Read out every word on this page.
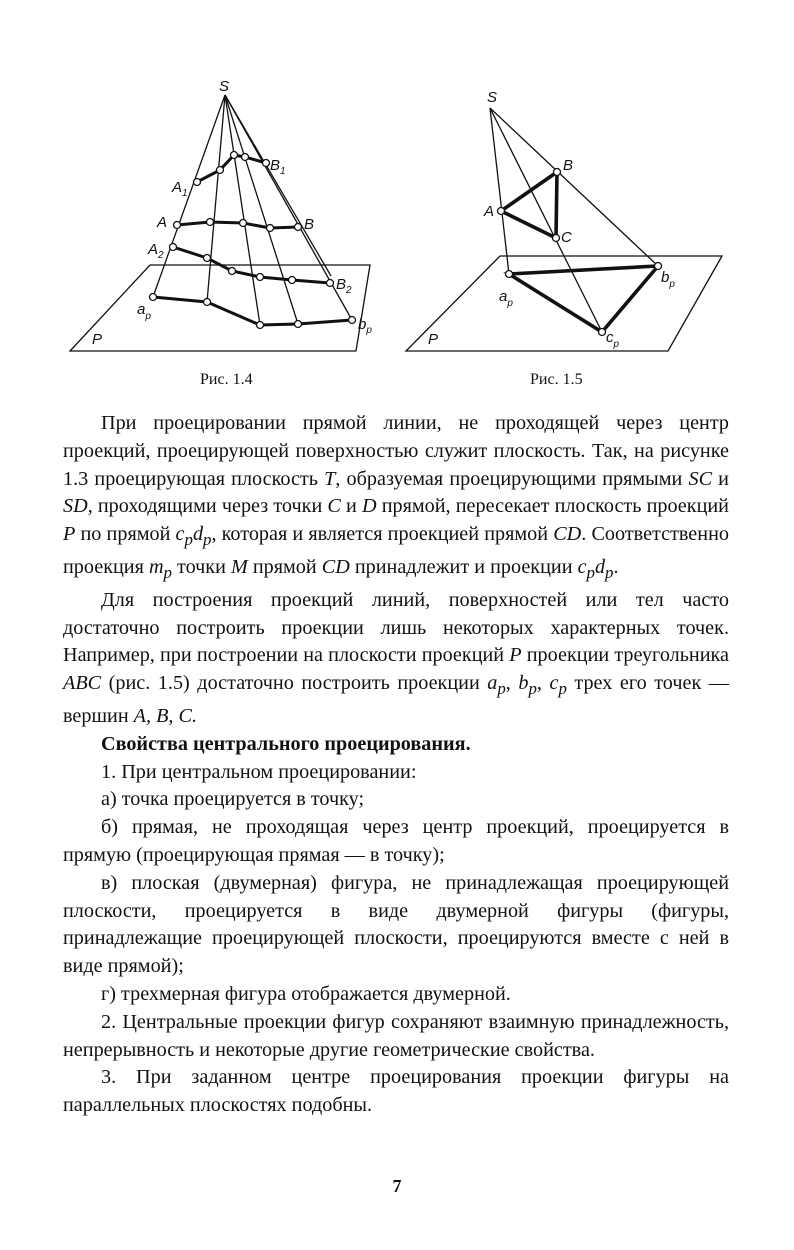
S
$B_1$
$A_1$
A	B
$A_2$
$B_2$
$a_p$	$b_p$
P
S
B
A
C
$a_p$
$b_p$
$c_p$
P
Рис. 1.4	Рис. 1.5

При проецировании прямой линии, не проходящей через центр проекций, проецирующей поверхностью служит плоскость. Так, на рисунке 1.3 проецирующая плоскость T, образуемая проецирующими прямыми SC и SD, проходящими через точки C и D прямой, пересекает плоскость проекций P по прямой $c_pd_p$, которая и является проекцией прямой CD. Соответственно проекция $m_p$ точки M прямой CD принадлежит и проекции $c_pd_p$.

Для построения проекций линий, поверхностей или тел часто достаточно построить проекции лишь некоторых характерных точек. Например, при построении на плоскости проекций P проекции треугольника ABC (рис. 1.5) достаточно построить проекции $a_p$, $b_p$, $c_p$ трех его точек — вершин A, B, C.

Свойства центрального проецирования.

1. При центральном проецировании:

а) точка проецируется в точку;

б) прямая, не проходящая через центр проекций, проецируется в прямую (проецирующая прямая — в точку);

в) плоская (двумерная) фигура, не принадлежащая проецирующей плоскости, проецируется в виде двумерной фигуры (фигуры, принадлежащие проецирующей плоскости, проецируются вместе с ней в виде прямой);

г) трехмерная фигура отображается двумерной.

2. Центральные проекции фигур сохраняют взаимную принадлежность, непрерывность и некоторые другие геометрические свойства.

3. При заданном центре проецирования проекции фигуры на параллельных плоскостях подобны.

7
